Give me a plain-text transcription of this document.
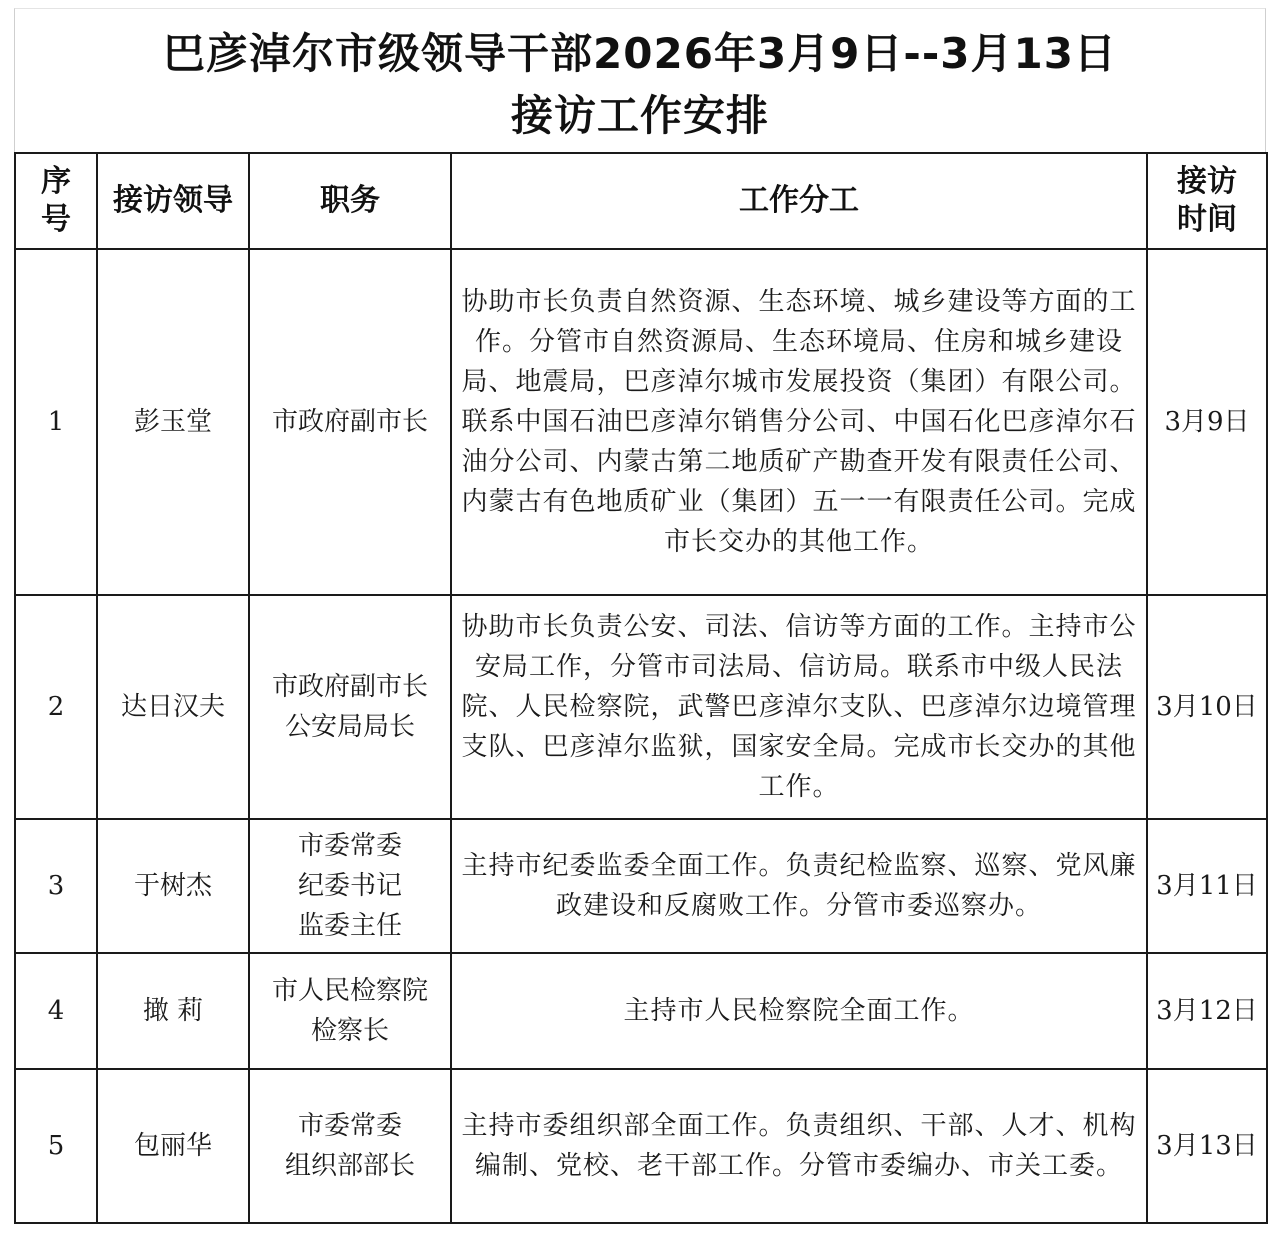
巴彦淖尔市级领导干部2026年3月9日--3月13日
接访工作安排
序
号	接访领导	职务	工作分工	接访
时间

1	彭玉堂	市政府副市长	协助市长负责自然资源、生态环境、城乡建设等方面的工作。分管市自然资源局、生态环境局、住房和城乡建设局、地震局，巴彦淖尔城市发展投资（集团）有限公司。联系中国石油巴彦淖尔销售分公司、中国石化巴彦淖尔石油分公司、内蒙古第二地质矿产勘查开发有限责任公司、内蒙古有色地质矿业（集团）五一一有限责任公司。完成市长交办的其他工作。	3月9日
2	达日汉夫	市政府副市长
公安局局长	协助市长负责公安、司法、信访等方面的工作。主持市公安局工作，分管市司法局、信访局。联系市中级人民法院、人民检察院，武警巴彦淖尔支队、巴彦淖尔边境管理支队、巴彦淖尔监狱，国家安全局。完成市长交办的其他工作。	3月10日
3	于树杰	市委常委
纪委书记
监委主任	主持市纪委监委全面工作。负责纪检监察、巡察、党风廉政建设和反腐败工作。分管市委巡察办。	3月11日
4	撖 莉	市人民检察院
检察长	主持市人民检察院全面工作。	3月12日
5	包丽华	市委常委
组织部部长	主持市委组织部全面工作。负责组织、干部、人才、机构编制、党校、老干部工作。分管市委编办、市关工委。	3月13日
